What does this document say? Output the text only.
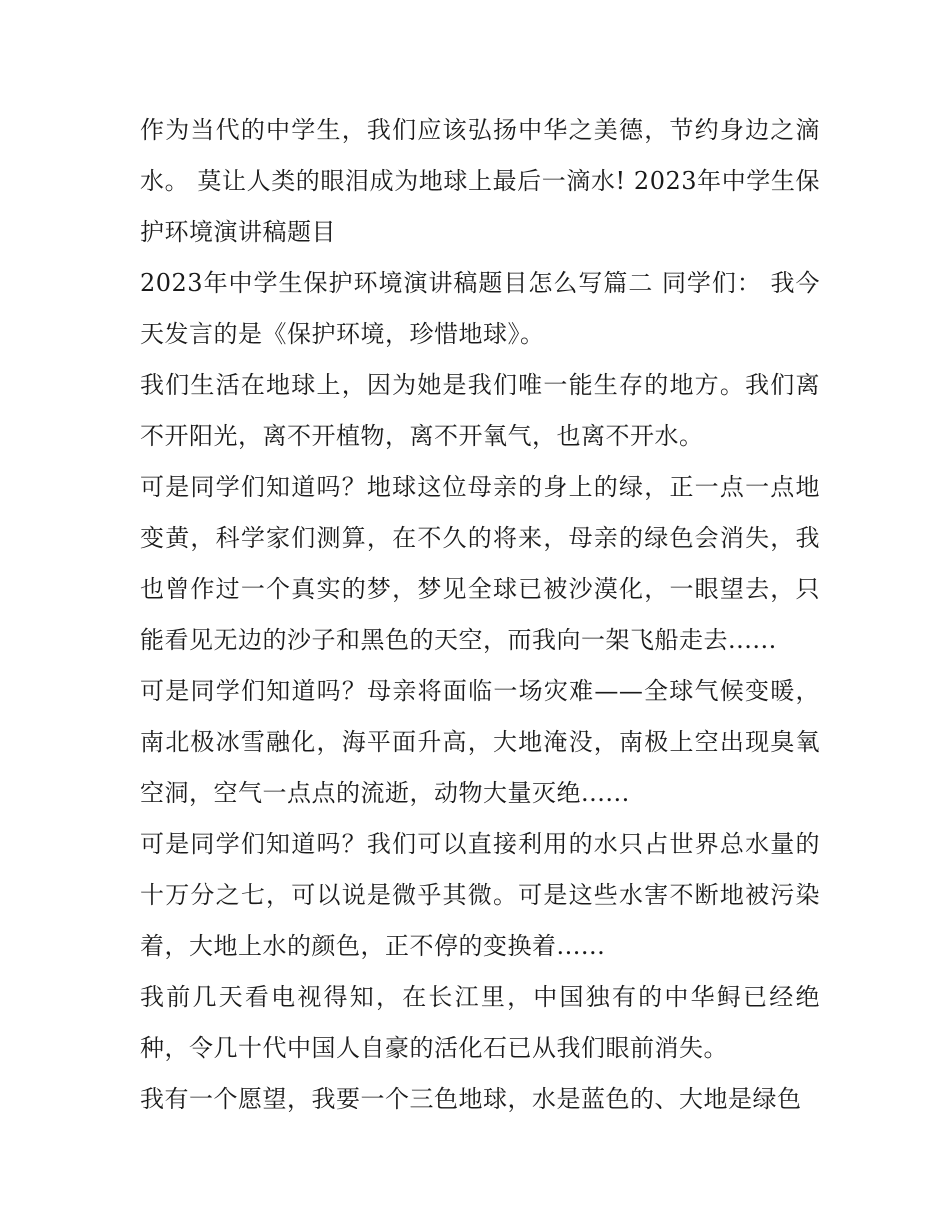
作为当代的中学生，我们应该弘扬中华之美德，节约身边之滴水。 莫让人类的眼泪成为地球上最后一滴水! 2023年中学生保护环境演讲稿题目

2023年中学生保护环境演讲稿题目怎么写篇二 同学们： 我今天发言的是《保护环境，珍惜地球》。

我们生活在地球上，因为她是我们唯一能生存的地方。我们离不开阳光，离不开植物，离不开氧气，也离不开水。

可是同学们知道吗？地球这位母亲的身上的绿，正一点一点地变黄，科学家们测算，在不久的将来，母亲的绿色会消失，我也曾作过一个真实的梦，梦见全球已被沙漠化，一眼望去，只能看见无边的沙子和黑色的天空，而我向一架飞船走去......

可是同学们知道吗？母亲将面临一场灾难——全球气候变暖，南北极冰雪融化，海平面升高，大地淹没，南极上空出现臭氧空洞，空气一点点的流逝，动物大量灭绝......

可是同学们知道吗？我们可以直接利用的水只占世界总水量的十万分之七，可以说是微乎其微。可是这些水害不断地被污染着，大地上水的颜色，正不停的变换着......

我前几天看电视得知，在长江里，中国独有的中华鲟已经绝种，令几十代中国人自豪的活化石已从我们眼前消失。

我有一个愿望，我要一个三色地球，水是蓝色的、大地是绿色
